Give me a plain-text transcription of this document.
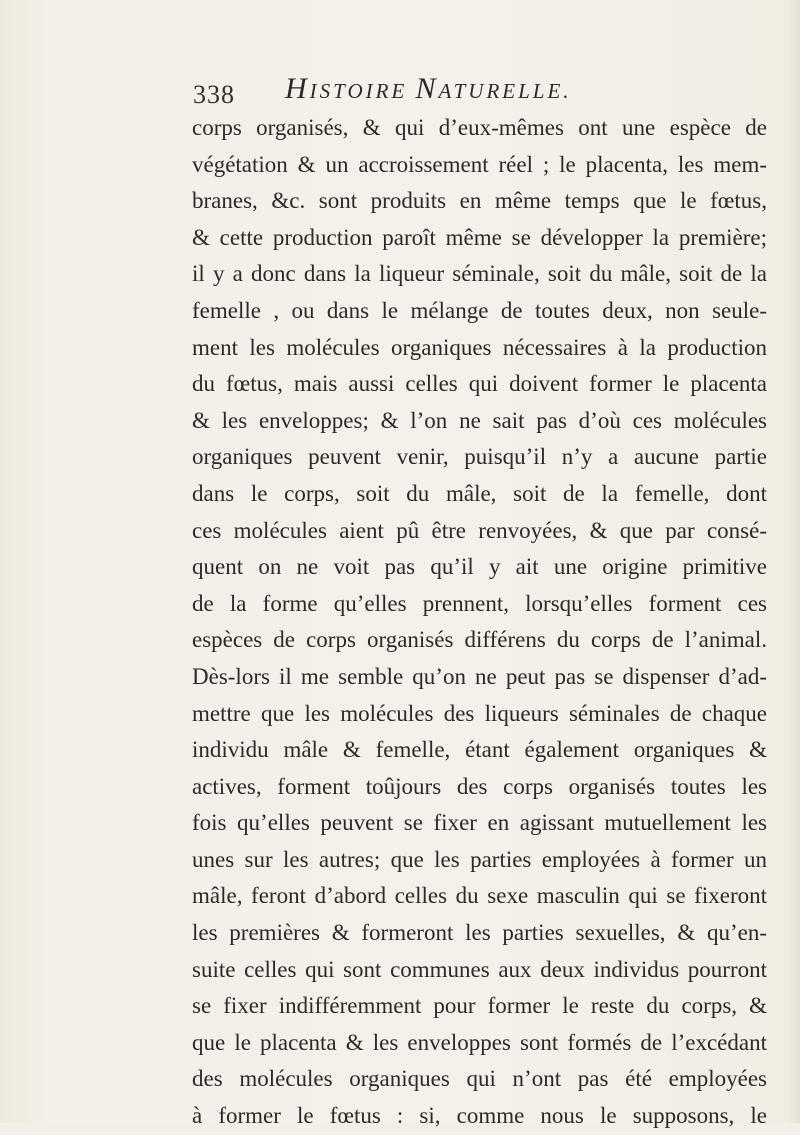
338 HISTOIRE NATURELLE.
corps organisés, & qui d’eux-mêmes ont une espèce de
végétation & un accroissement réel ; le placenta, les mem-
branes, &c. sont produits en même temps que le fœtus,
& cette production paroît même se développer la première;
il y a donc dans la liqueur séminale, soit du mâle, soit de la
femelle , ou dans le mélange de toutes deux, non seule-
ment les molécules organiques nécessaires à la production
du fœtus, mais aussi celles qui doivent former le placenta
& les enveloppes; & l’on ne sait pas d’où ces molécules
organiques peuvent venir, puisqu’il n’y a aucune partie
dans le corps, soit du mâle, soit de la femelle, dont
ces molécules aient pû être renvoyées, & que par consé-
quent on ne voit pas qu’il y ait une origine primitive
de la forme qu’elles prennent, lorsqu’elles forment ces
espèces de corps organisés différens du corps de l’animal.
Dès-lors il me semble qu’on ne peut pas se dispenser d’ad-
mettre que les molécules des liqueurs séminales de chaque
individu mâle & femelle, étant également organiques &
actives, forment toûjours des corps organisés toutes les
fois qu’elles peuvent se fixer en agissant mutuellement les
unes sur les autres; que les parties employées à former un
mâle, feront d’abord celles du sexe masculin qui se fixeront
les premières & formeront les parties sexuelles, & qu’en-
suite celles qui sont communes aux deux individus pourront
se fixer indifféremment pour former le reste du corps, &
que le placenta & les enveloppes sont formés de l’excédant
des molécules organiques qui n’ont pas été employées
à former le fœtus : si, comme nous le supposons, le
